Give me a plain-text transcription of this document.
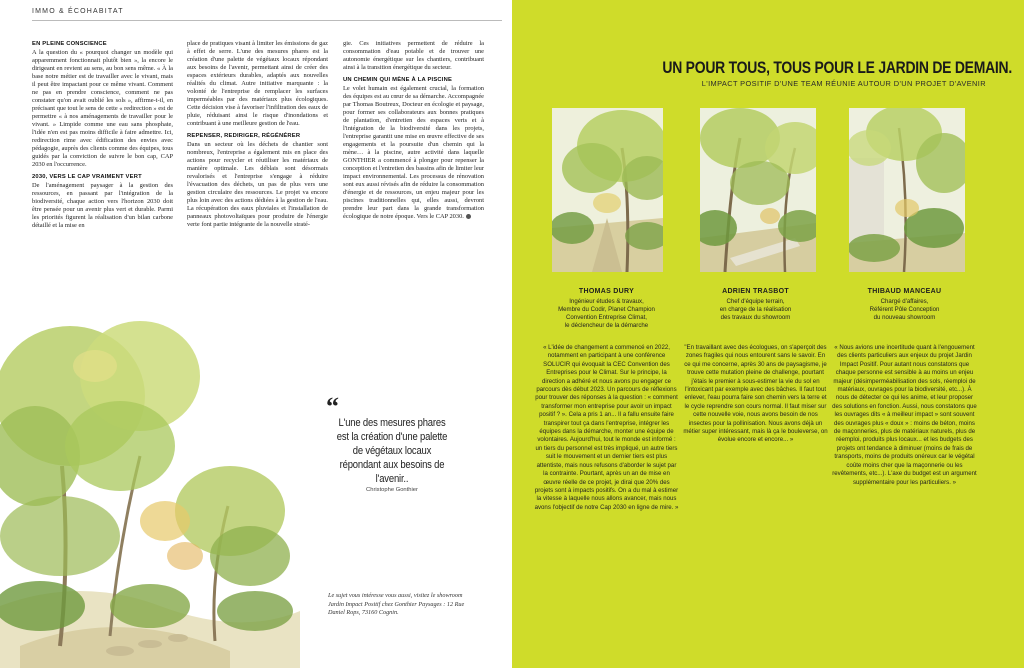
IMMO & ÉCOHABITAT

EN PLEINE CONSCIENCE

A la question du « pourquoi changer un modèle qui apparemment fonctionnait plutôt bien », la encore le dirigeant en revient au sens, au bon sens même. « À la base notre métier est de travailler avec le vivant, mais il peut être impactant pour ce même vivant. Comment ne pas en prendre conscience, comment ne pas constater qu'on avait oublié les sols », affirme-t-il, en précisant que tout le sens de cette « redirection » est de permettre « à nos aménagements de travailler pour le vivant. » Limpide comme une eau sans phosphate, l'idée n'en est pas moins difficile à faire admettre. Ici, redirection rime avec édification des envies avec pédagogie, auprès des clients comme des équipes, tous guidés par la conviction de suivre le bon cap, CAP 2030 en l'occurrence.

2030, VERS LE CAP VRAIMENT VERT

De l'aménagement paysager à la gestion des ressources, en passant par l'intégration de la biodiversité, chaque action vers l'horizon 2030 doit être pensée pour un avenir plus vert et durable. Parmi les priorités figurent la réalisation d'un bilan carbone détaillé et la mise en

place de pratiques visant à limiter les émissions de gaz à effet de serre. L'une des mesures phares est la création d'une palette de végétaux locaux répondant aux besoins de l'avenir, permettant ainsi de créer des espaces extérieurs durables, adaptés aux nouvelles réalités du climat. Autre initiative marquante : la volonté de l'entreprise de remplacer les surfaces imperméables par des matériaux plus écologiques. Cette décision vise à favoriser l'infiltration des eaux de pluie, réduisant ainsi le risque d'inondations et contribuant à une meilleure gestion de l'eau.

REPENSER, REDIRIGER, RÉGÉNÉRER

Dans un secteur où les déchets de chantier sont nombreux, l'entreprise a également mis en place des actions pour recycler et réutiliser les matériaux de manière optimale. Les déblais sont désormais revalorisés et l'entreprise s'engage à réduire l'évacuation des déchets, un pas de plus vers une gestion circulaire des ressources. Le projet va encore plus loin avec des actions dédiées à la gestion de l'eau. La récupération des eaux pluviales et l'installation de panneaux photovoltaïques pour produire de l'énergie verte font partie intégrante de la nouvelle straté-

gie. Ces initiatives permettent de réduire la consommation d'eau potable et de trouver une autonomie énergétique sur les chantiers, contribuant ainsi à la transition énergétique du secteur.

UN CHEMIN QUI MÈNE À LA PISCINE

Le volet humain est également crucial, la formation des équipes est au cœur de sa démarche. Accompagnée par Thomas Boutreux, Docteur en écologie et paysage, pour former ses collaborateurs aux bonnes pratiques de plantation, d'entretien des espaces verts et à l'intégration de la biodiversité dans les projets, l'entreprise garantit une mise en œuvre effective de ses engagements et la poursuite d'un chemin qui la mène… à la piscine, autre activité dans laquelle GONTHIER a commencé à plonger pour repenser la conception et l'entretien des bassins afin de limiter leur impact environnemental. Les processus de rénovation sont eux aussi révisés afin de réduire la consommation d'énergie et de ressources, un enjeu majeur pour les piscines traditionnelles qui, elles aussi, devront prendre leur part dans la grande transformation écologique de notre époque. Vers le CAP 2030.

“
L'une des mesures phares est la création d'une palette de végétaux locaux répondant aux besoins de l'avenir..
Christophe Gonthier
Le sujet vous intéresse vous aussi, visitez le showroom Jardin Impact Positif chez Gonthier Paysages : 12 Rue Daniel Rops, 73160 Cognin.
UN POUR TOUS, TOUS POUR LE JARDIN DE DEMAIN.
L'IMPACT POSITIF D'UNE TEAM RÉUNIE AUTOUR D'UN PROJET D'AVENIR
THOMAS DURY
Ingénieur études & travaux,
Membre du Codir, Planet Champion
Convention Entreprise Climat,
le déclencheur de la démarche
ADRIEN TRASBOT
Chef d'équipe terrain,
en charge de la réalisation
des travaux du showroom
THIBAUD MANCEAU
Chargé d'affaires,
Référent Pôle Conception
du nouveau showroom
« L'idée de changement a commencé en 2022, notamment en participant à une conférence SOLUCIR qui évoquait la CEC Convention des Entreprises pour le Climat. Sur le principe, la direction a adhéré et nous avons pu engager ce parcours dès début 2023. Un parcours de réflexions pour trouver des réponses à la question : « comment transformer mon entreprise pour avoir un impact positif ? ». Cela a pris 1 an... Il a fallu ensuite faire transpirer tout ça dans l'entreprise, intégrer les équipes dans la démarche, monter une équipe de volontaires. Aujourd'hui, tout le monde est informé : un tiers du personnel est très impliqué, un autre tiers suit le mouvement et un dernier tiers est plus attentiste, mais nous refusons d'aborder le sujet par la contrainte. Pourtant, après un an de mise en œuvre réelle de ce projet, je dirai que 20% des projets sont à impacts positifs. On a du mal à estimer la vitesse à laquelle nous allons avancer, mais nous avons l'objectif de notre Cap 2030 en ligne de mire. »
"En travaillant avec des écologues, on s'aperçoit des zones fragiles qui nous entourent sans le savoir. En ce qui me concerne, après 30 ans de paysagisme, je trouve cette mutation pleine de challenge, pourtant j'étais le premier à sous-estimer la vie du sol en l'intoxicant par exemple avec des bâches. Il faut tout enlever, l'eau pourra faire son chemin vers la terre et le cycle reprendre son cours normal. Il faut miser sur cette nouvelle voie, nous avons besoin de nos insectes pour la pollinisation. Nous avons déjà un métier super intéressant, mais là ça le bouleverse, on évolue encore et encore... »
« Nous avions une incertitude quant à l'engouement des clients particuliers aux enjeux du projet Jardin Impact Positif. Pour autant nous constatons que chaque personne est sensible à au moins un enjeu majeur (désimperméabilisation des sols, réemploi de matériaux, ouvrages pour la biodiversité, etc...). À nous de détecter ce qui les anime, et leur proposer des solutions en fonction. Aussi, nous constatons que les ouvrages dits « à meilleur impact » sont souvent des ouvrages plus « doux » : moins de béton, moins de maçonneries, plus de matériaux naturels, plus de réemploi, produits plus locaux... et les budgets des projets ont tendance à diminuer (moins de frais de transports, moins de produits onéreux car le végétal coûte moins cher que la maçonnerie ou les revêtements, etc...). L'axe du budget est un argument supplémentaire pour les particuliers. »
